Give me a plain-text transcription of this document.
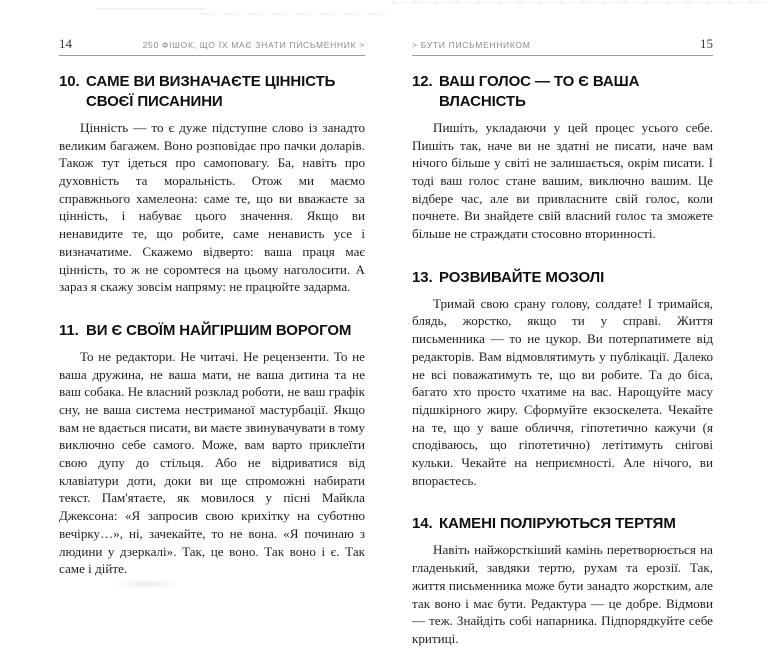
14	250 ФІШОК, ЩО ЇХ МАЄ ЗНАТИ ПИСЬМЕННИК >
10. САМЕ ВИ ВИЗНАЧАЄТЕ ЦІННІСТЬ СВОЄЇ ПИСАНИНИ

Цінність — то є дуже підступне слово із занадто великим багажем. Воно розповідає про пачки доларів. Також тут ідеться про самоповагу. Ба, навіть про духовність та моральність. Отож ми маємо справжнього хамелеона: саме те, що ви вважаєте за цінність, і набуває цього значення. Якщо ви ненавидите те, що робите, саме ненависть усе і визначатиме. Скажемо відверто: ваша праця має цінність, то ж не соромтеся на цьому наголосити. А зараз я скажу зовсім напряму: не працюйте задарма.

11. ВИ Є СВОЇМ НАЙГІРШИМ ВОРОГОМ

То не редактори. Не читачі. Не рецензенти. То не ваша дружина, не ваша мати, не ваша дитина та не ваш собака. Не власний розклад роботи, не ваш графік сну, не ваша система нестриманої мастурбації. Якщо вам не вдається писати, ви маєте звинувачувати в тому виключно себе самого. Може, вам варто приклеїти свою дупу до стільця. Або не відриватися від клавіатури доти, доки ви ще спроможні набирати текст. Пам'ятаєте, як мовилося у пісні Майкла Джексона: «Я запросив свою крихітку на суботню вечірку…», ні, зачекайте, то не вона. «Я починаю з людини у дзеркалі». Так, це воно. Так воно і є. Так саме і дійте.

> БУТИ ПИСЬМЕННИКОМ	15
12. ВАШ ГОЛОС — ТО Є ВАША ВЛАСНІСТЬ

Пишіть, укладаючи у цей процес усього себе. Пишіть так, наче ви не здатні не писати, наче вам нічого більше у світі не залишається, окрім писати. І тоді ваш голос стане вашим, виключно вашим. Це відбере час, але ви привласните свій голос, коли почнете. Ви знайдете свій власний голос та зможете більше не страждати стосовно вторинності.

13. РОЗВИВАЙТЕ МОЗОЛІ

Тримай свою срану голову, солдате! І тримайся, блядь, жорстко, якщо ти у справі. Життя письменника — то не цукор. Ви потерпатимете від редакторів. Вам відмовлятимуть у публікації. Далеко не всі поважатимуть те, що ви робите. Та до біса, багато хто просто чхатиме на вас. Нарощуйте масу підшкірного жиру. Сформуйте екзоскелета. Чекайте на те, що у ваше обличчя, гіпотетично кажучи (я сподіваюсь, що гіпотетично) летітимуть снігові кульки. Чекайте на неприємності. Але нічого, ви впораєтесь.

14. КАМЕНІ ПОЛІРУЮТЬСЯ ТЕРТЯМ

Навіть найжорсткіший камінь перетворюється на гладенький, завдяки тертю, рухам та ерозії. Так, життя письменника може бути занадто жорстким, але так воно і має бути. Редактура — це добре. Відмови — теж. Знайдіть собі напарника. Підпорядкуйте себе критиці.
